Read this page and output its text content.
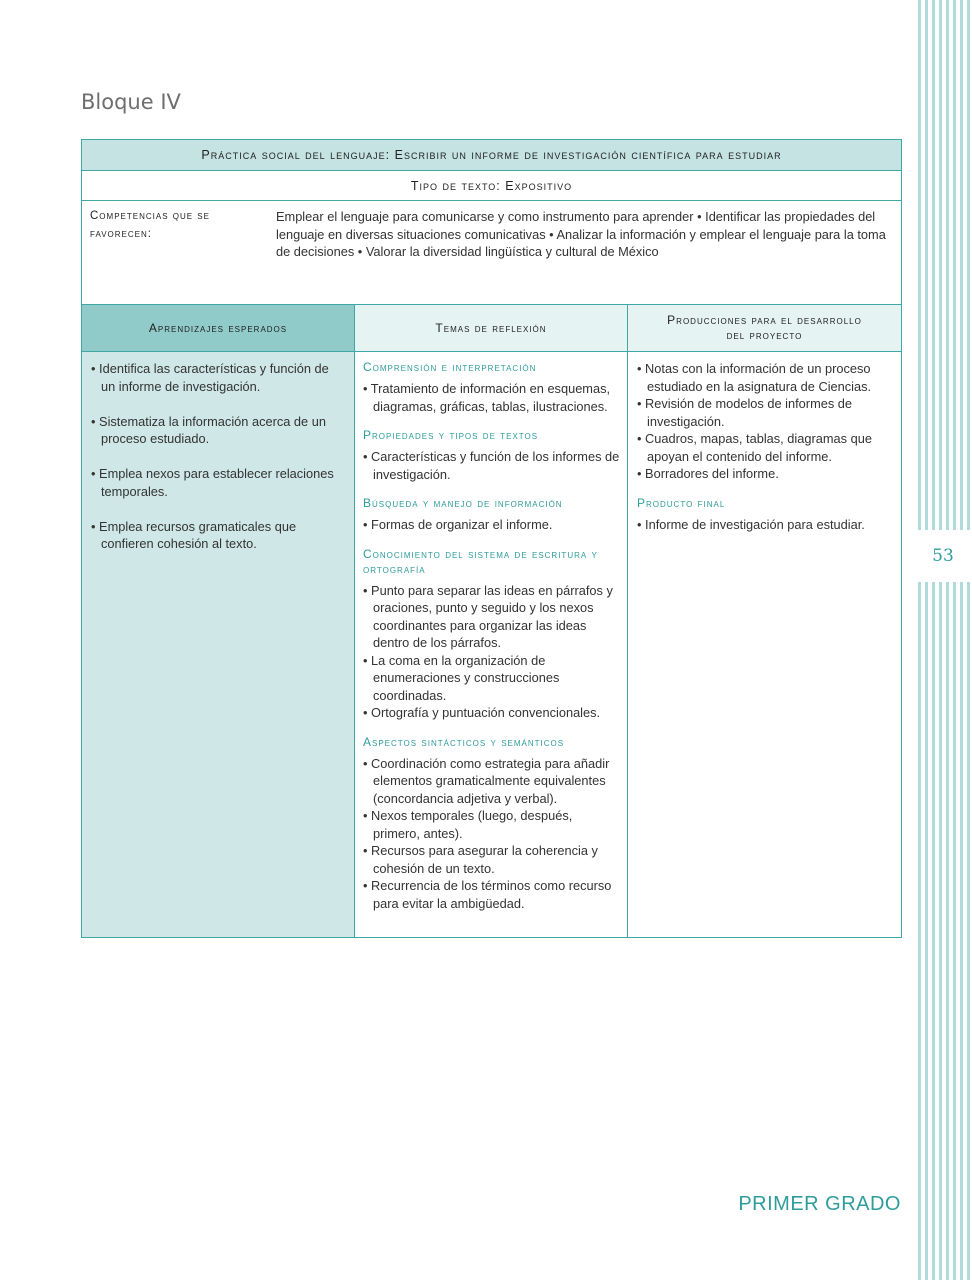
Bloque IV
Práctica social del lenguaje: Escribir un informe de investigación científica para estudiar
Tipo de texto: Expositivo
Competencias que se favorecen:
Emplear el lenguaje para comunicarse y como instrumento para aprender • Identificar las propiedades del lenguaje en diversas situaciones comunicativas • Analizar la información y emplear el lenguaje para la toma de decisiones • Valorar la diversidad lingüística y cultural de México
Aprendizajes esperados	Temas de reflexión
Producciones para el desarrollo
del proyecto
• Identifica las características y función de un informe de investigación.
• Sistematiza la información acerca de un proceso estudiado.
• Emplea nexos para establecer relaciones temporales.
• Emplea recursos gramaticales que confieren cohesión al texto.
Comprensión e interpretación
• Tratamiento de información en esquemas, diagramas, gráficas, tablas, ilustraciones.
Propiedades y tipos de textos
• Características y función de los informes de investigación.
Búsqueda y manejo de información
• Formas de organizar el informe.
Conocimiento del sistema de escritura y ortografía
• Punto para separar las ideas en párrafos y oraciones, punto y seguido y los nexos coordinantes para organizar las ideas dentro de los párrafos.
• La coma en la organización de enumeraciones y construcciones coordinadas.
• Ortografía y puntuación convencionales.
Aspectos sintácticos y semánticos
• Coordinación como estrategia para añadir elementos gramaticalmente equivalentes (concordancia adjetiva y verbal).
• Nexos temporales (luego, después, primero, antes).
• Recursos para asegurar la coherencia y cohesión de un texto.
• Recurrencia de los términos como recurso para evitar la ambigüedad.
• Notas con la información de un proceso estudiado en la asignatura de Ciencias.
• Revisión de modelos de informes de investigación.
• Cuadros, mapas, tablas, diagramas que apoyan el contenido del informe.
• Borradores del informe.
Producto final
• Informe de investigación para estudiar.
53
PRIMER GRADO
